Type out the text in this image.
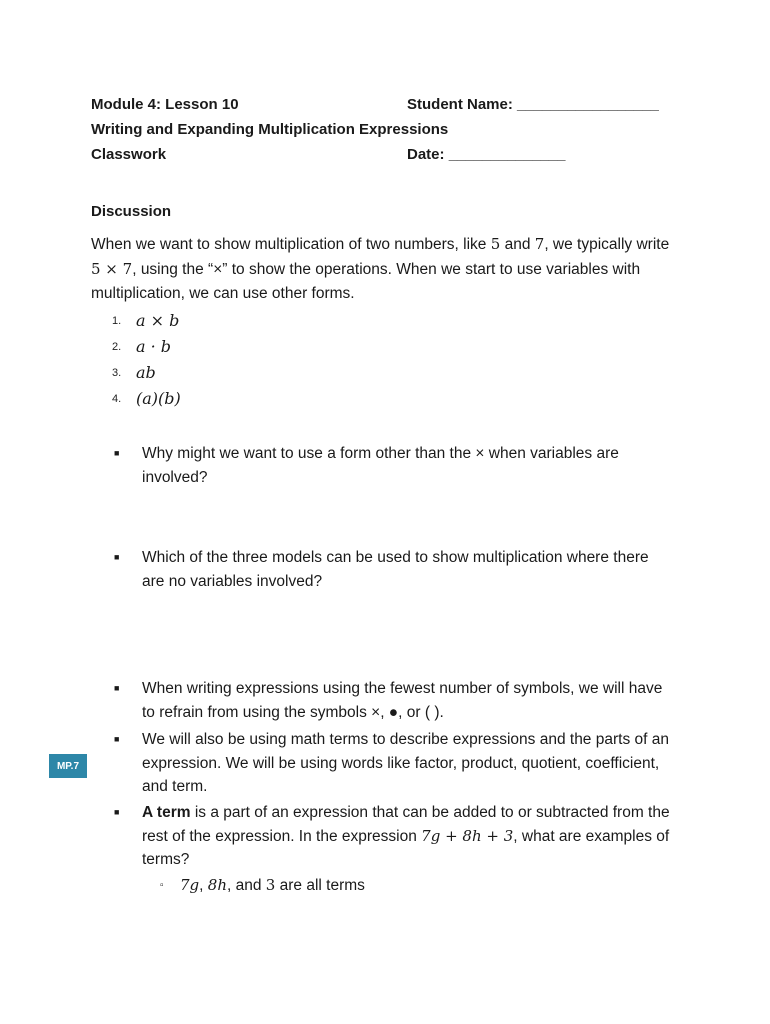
Module 4: Lesson 10
Writing and Expanding Multiplication Expressions
Classwork
Student Name: _________________
Date: ______________
Discussion
When we want to show multiplication of two numbers, like 5 and 7, we typically write 5 × 7, using the “×” to show the operations. When we start to use variables with multiplication, we can use other forms.
1. a × b
2. a · b
3. ab
4. (a)(b)
■	Why might we want to use a form other than the × when variables are involved?
■	Which of the three models can be used to show multiplication where there are no variables involved?
■	When writing expressions using the fewest number of symbols, we will have to refrain from using the symbols ×, ●, or ( ).
■	We will also be using math terms to describe expressions and the parts of an expression. We will be using words like factor, product, quotient, coefficient, and term.
■	A term is a part of an expression that can be added to or subtracted from the rest of the expression. In the expression 7g + 8h + 3, what are examples of terms?
▫	7g, 8h, and 3 are all terms
MP.7
